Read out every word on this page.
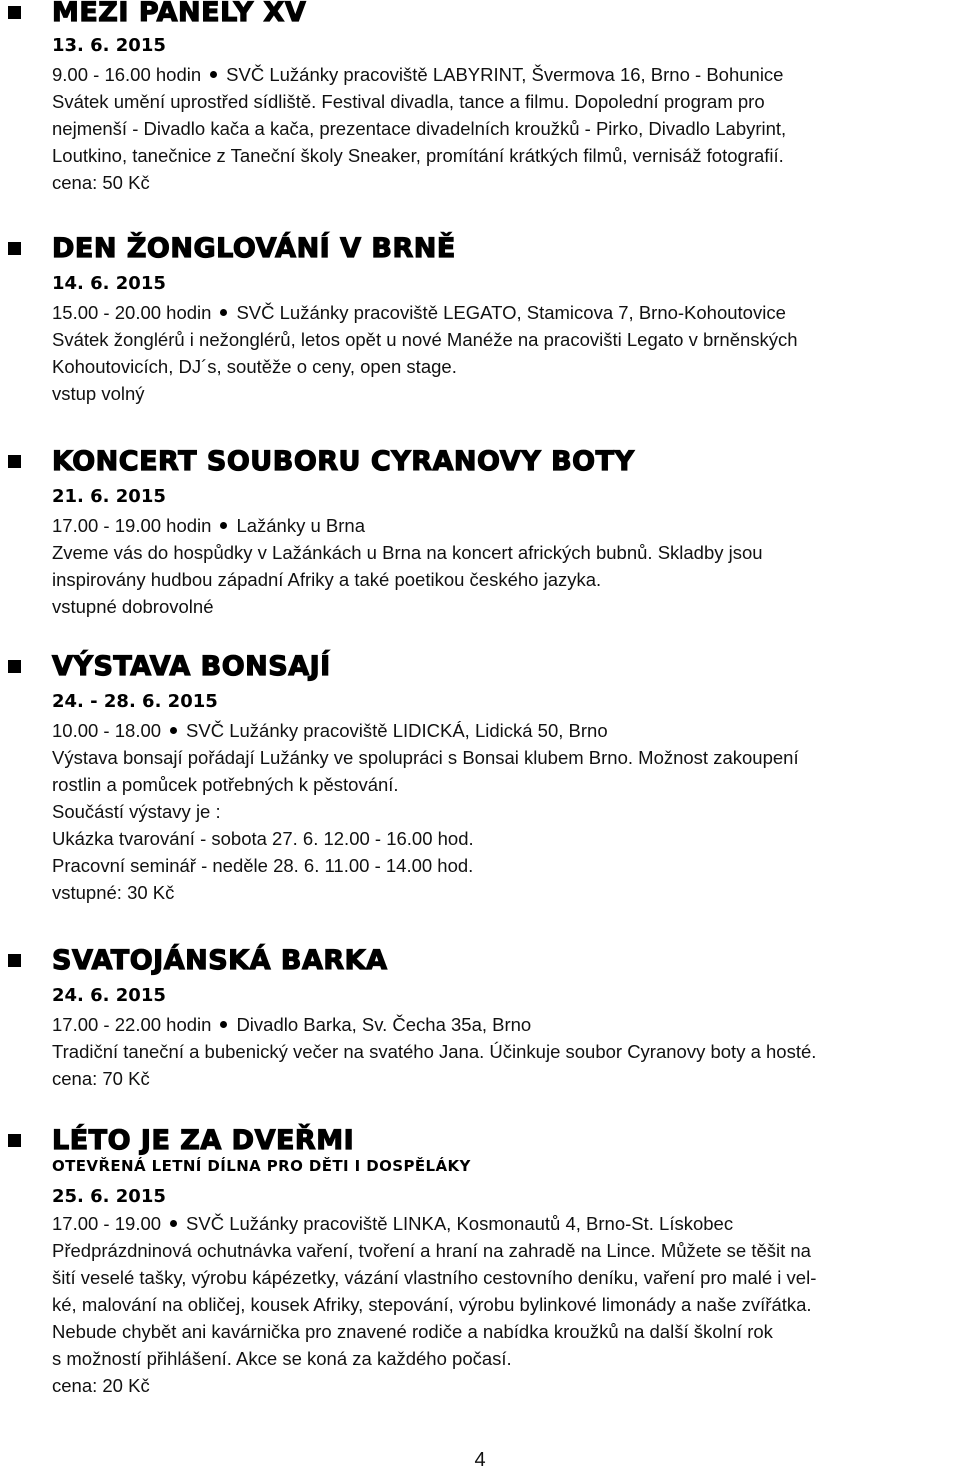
MEZI PANELY XV
13. 6. 2015
9.00 - 16.00 hodin SVČ Lužánky pracoviště LABYRINT, Švermova 16, Brno - Bohunice
Svátek umění uprostřed sídliště. Festival divadla, tance a filmu. Dopolední program pro
nejmenší - Divadlo kača a kača, prezentace divadelních kroužků - Pirko, Divadlo Labyrint,
Loutkino, tanečnice z Taneční školy Sneaker, promítání krátkých filmů, vernisáž fotografií.
cena: 50 Kč
DEN ŽONGLOVÁNÍ V BRNĚ
14. 6. 2015
15.00 - 20.00 hodin SVČ Lužánky pracoviště LEGATO, Stamicova 7, Brno-Kohoutovice
Svátek žonglérů i nežonglérů, letos opět u nové Manéže na pracovišti Legato v brněnských
Kohoutovicích, DJ´s, soutěže o ceny, open stage.
vstup volný
KONCERT SOUBORU CYRANOVY BOTY
21. 6. 2015
17.00 - 19.00 hodin Lažánky u Brna
Zveme vás do hospůdky v Lažánkách u Brna na koncert afrických bubnů. Skladby jsou
inspirovány hudbou západní Afriky a také poetikou českého jazyka.
vstupné dobrovolné
VÝSTAVA BONSAJÍ
24. - 28. 6. 2015
10.00 - 18.00 SVČ Lužánky pracoviště LIDICKÁ, Lidická 50, Brno
Výstava bonsají pořádají Lužánky ve spolupráci s Bonsai klubem Brno. Možnost zakoupení
rostlin a pomůcek potřebných k pěstování.
Součástí výstavy je :
Ukázka tvarování - sobota 27. 6. 12.00 - 16.00 hod.
Pracovní seminář - neděle 28. 6. 11.00 - 14.00 hod.
vstupné: 30 Kč
SVATOJÁNSKÁ BARKA
24. 6. 2015
17.00 - 22.00 hodin Divadlo Barka, Sv. Čecha 35a, Brno
Tradiční taneční a bubenický večer na svatého Jana. Účinkuje soubor Cyranovy boty a hosté.
cena: 70 Kč
LÉTO JE ZA DVEŘMI
OTEVŘENÁ LETNÍ DÍLNA PRO DĚTI I DOSPĚLÁKY
25. 6. 2015
17.00 - 19.00 SVČ Lužánky pracoviště LINKA, Kosmonautů 4, Brno-St. Lískobec
Předprázdninová ochutnávka vaření, tvoření a hraní na zahradě na Lince. Můžete se těšit na
šití veselé tašky, výrobu kápézetky, vázání vlastního cestovního deníku, vaření pro malé i vel-
ké, malování na obličej, kousek Afriky, stepování, výrobu bylinkové limonády a naše zvířátka.
Nebude chybět ani kavárnička pro znavené rodiče a nabídka kroužků na další školní rok
s možností přihlášení. Akce se koná za každého počasí.
cena: 20 Kč
4
